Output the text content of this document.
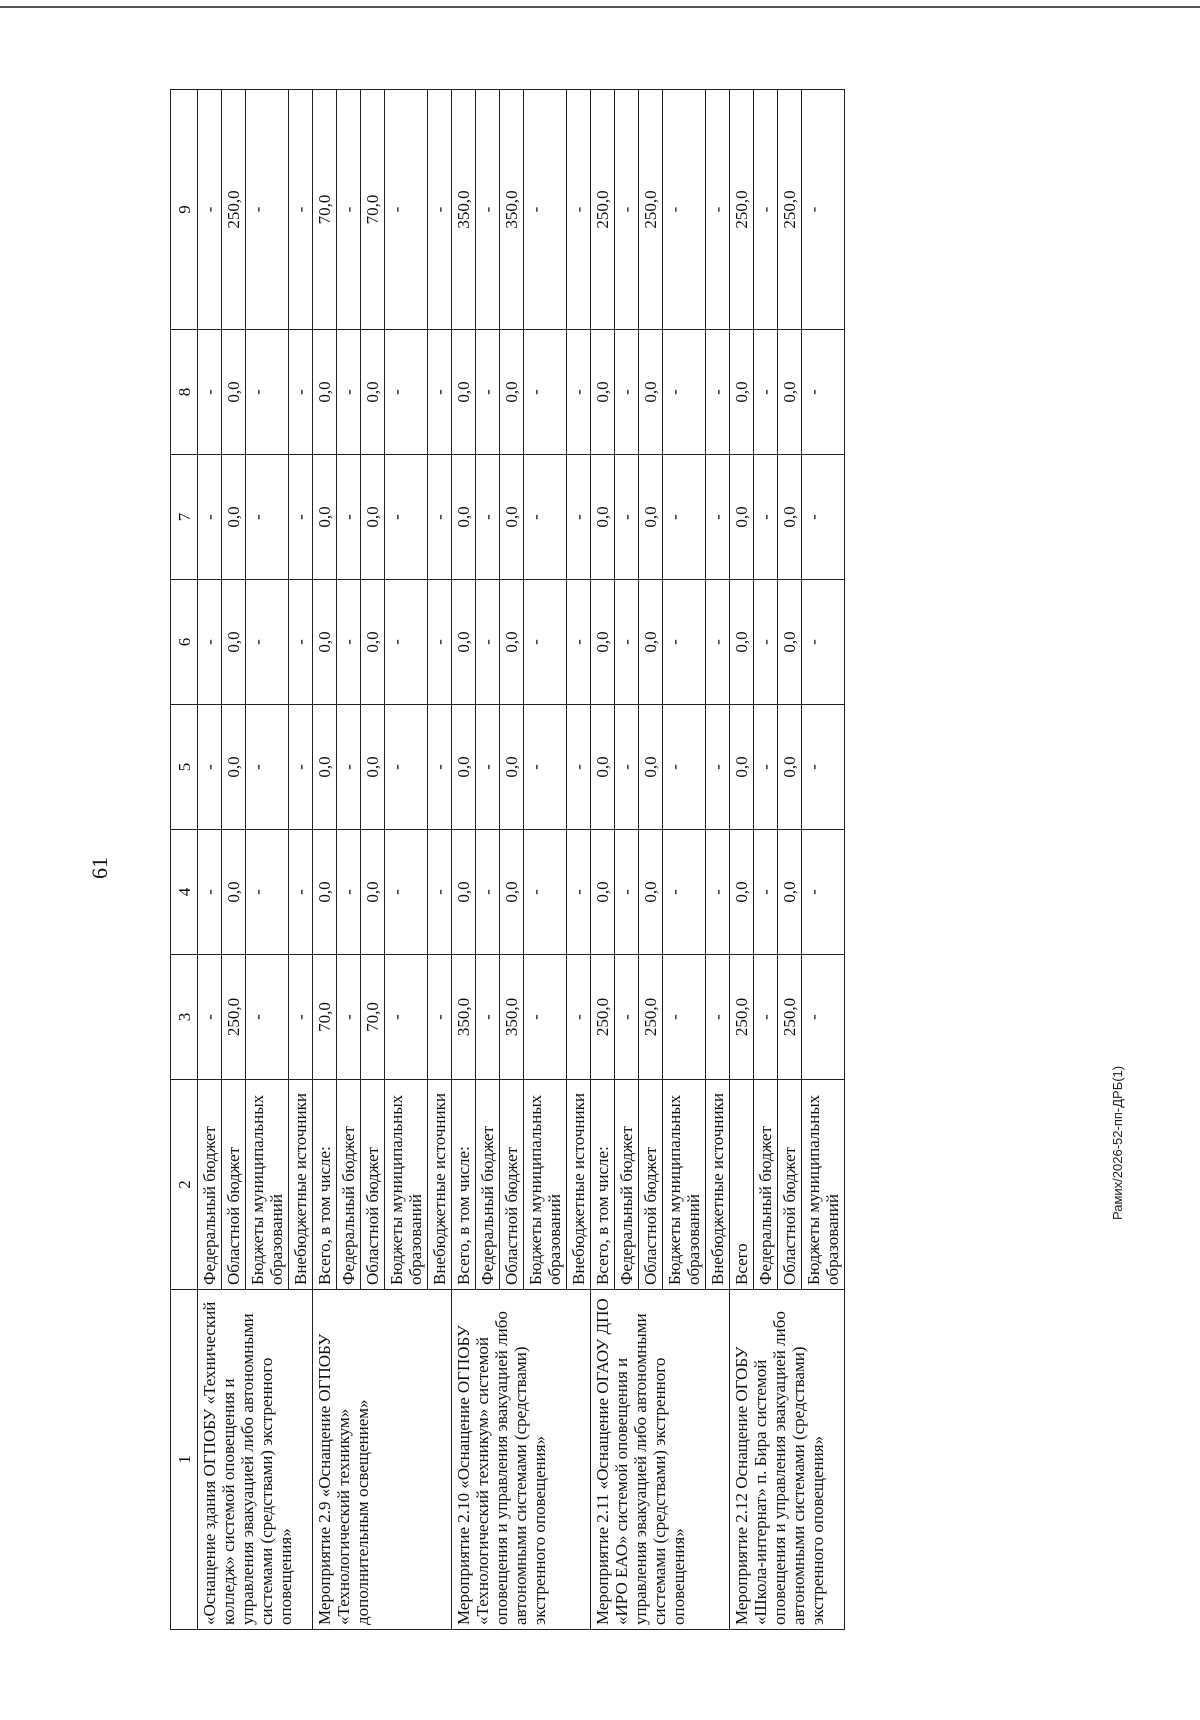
61
1	2	3	4	5	6	7	8	9
«Оснащение здания ОГПОБУ «Технический колледж» системой оповещения и управления эвакуацией либо автономными системами (средствами) экстренного оповещения»	Федеральный бюджет	-	-	-	-	-	-	-
	Областной бюджет	250,0	0,0	0,0	0,0	0,0	0,0	250,0
	Бюджеты муниципальных образований	-	-	-	-	-	-	-
	Внебюджетные источники	-	-	-	-	-	-	-
Мероприятие 2.9 «Оснащение ОГПОБУ «Технологический техникум» дополнительным освещением»	Всего, в том числе:	70,0	0,0	0,0	0,0	0,0	0,0	70,0
	Федеральный бюджет	-	-	-	-	-	-	-
	Областной бюджет	70,0	0,0	0,0	0,0	0,0	0,0	70,0
	Бюджеты муниципальных образований	-	-	-	-	-	-	-
	Внебюджетные источники	-	-	-	-	-	-	-
Мероприятие 2.10 «Оснащение ОГПОБУ «Технологический техникум» системой оповещения и управления эвакуацией либо автономными системами (средствами) экстренного оповещения»	Всего, в том числе:	350,0	0,0	0,0	0,0	0,0	0,0	350,0
	Федеральный бюджет	-	-	-	-	-	-	-
	Областной бюджет	350,0	0,0	0,0	0,0	0,0	0,0	350,0
	Бюджеты муниципальных образований	-	-	-	-	-	-	-
	Внебюджетные источники	-	-	-	-	-	-	-
Мероприятие 2.11 «Оснащение ОГАОУ ДПО «ИРО ЕАО» системой оповещения и управления эвакуацией либо автономными системами (средствами) экстренного оповещения»	Всего, в том числе:	250,0	0,0	0,0	0,0	0,0	0,0	250,0
	Федеральный бюджет	-	-	-	-	-	-	-
	Областной бюджет	250,0	0,0	0,0	0,0	0,0	0,0	250,0
	Бюджеты муниципальных образований	-	-	-	-	-	-	-
	Внебюджетные источники	-	-	-	-	-	-	-
Мероприятие 2.12 Оснащение ОГОБУ «Школа-интернат» п. Бира системой оповещения и управления эвакуацией либо автономными системами (средствами) экстренного оповещения»	Всего	250,0	0,0	0,0	0,0	0,0	0,0	250,0
	Федеральный бюджет	-	-	-	-	-	-	-
	Областной бюджет	250,0	0,0	0,0	0,0	0,0	0,0	250,0
	Бюджеты муниципальных образований	-	-	-	-	-	-	-
Рамих/2026-52-пп-ДРБ(1)
